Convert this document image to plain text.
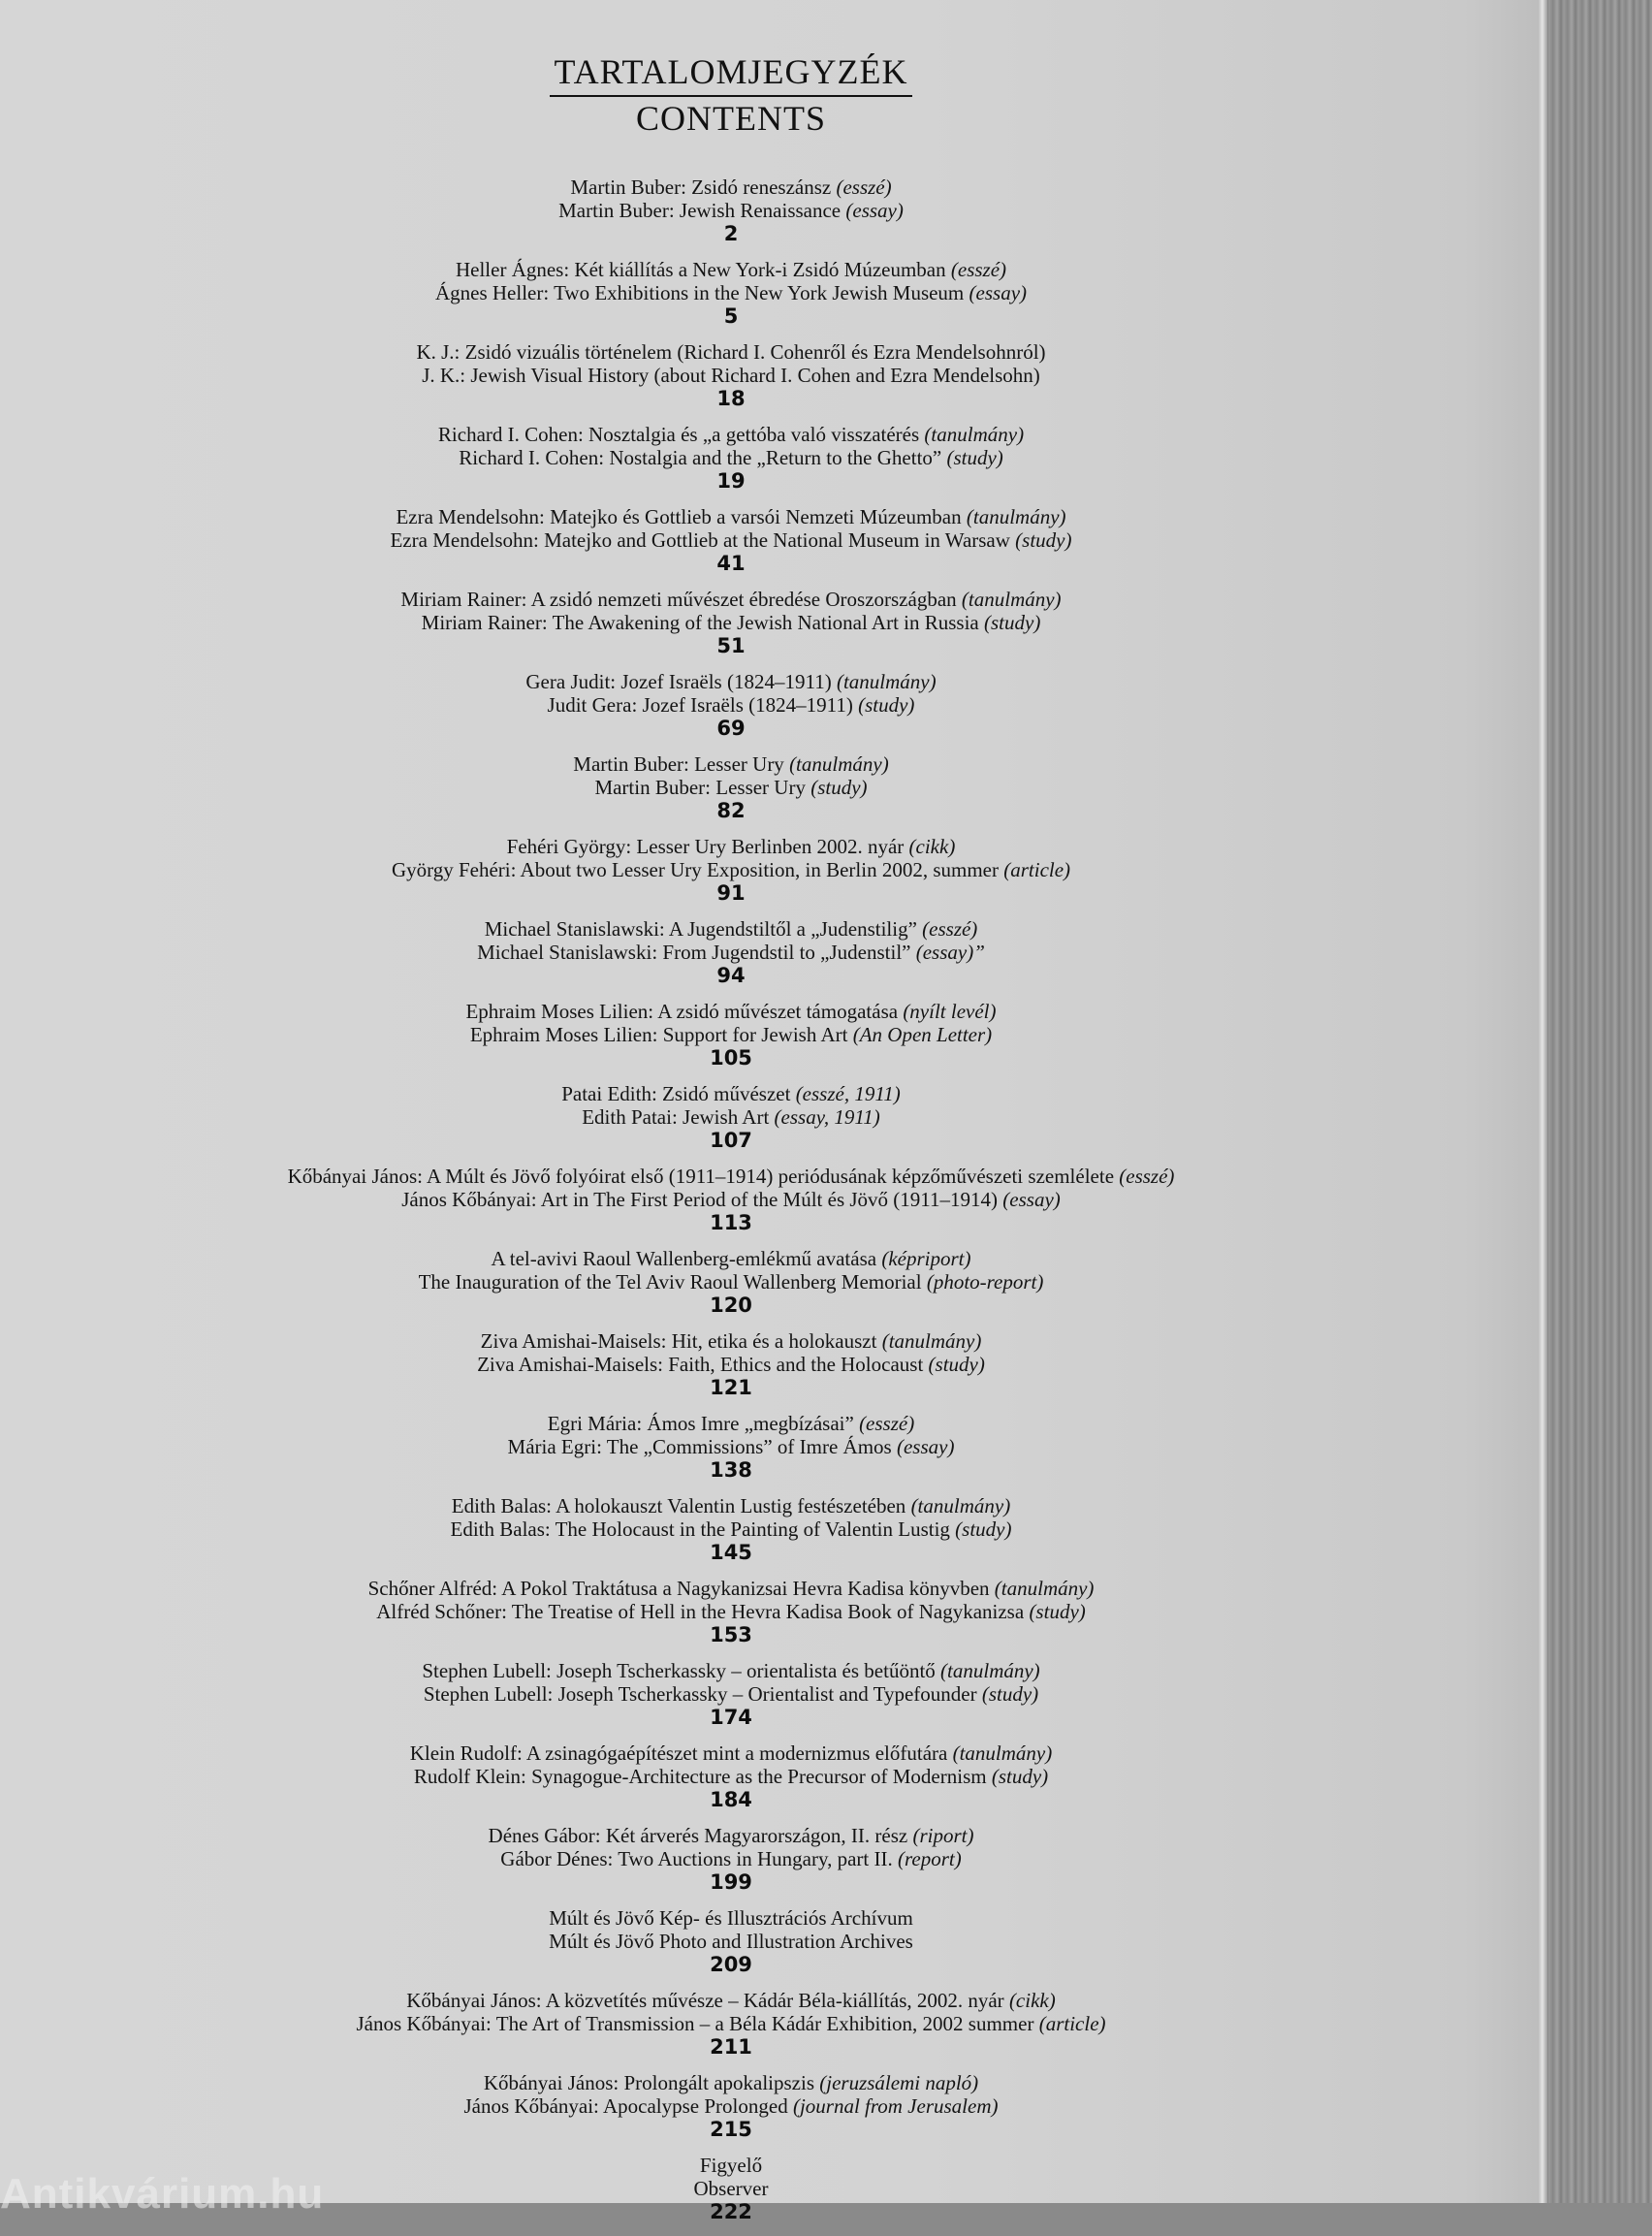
TARTALOMJEGYZÉK
CONTENTS
Martin Buber: Zsidó reneszánsz (esszé)
Martin Buber: Jewish Renaissance (essay)
2
Heller Ágnes: Két kiállítás a New York-i Zsidó Múzeumban (esszé)
Ágnes Heller: Two Exhibitions in the New York Jewish Museum (essay)
5
K. J.: Zsidó vizuális történelem (Richard I. Cohenről és Ezra Mendelsohnról)
J. K.: Jewish Visual History (about Richard I. Cohen and Ezra Mendelsohn)
18
Richard I. Cohen: Nosztalgia és „a gettóba való visszatérés (tanulmány)
Richard I. Cohen: Nostalgia and the „Return to the Ghetto” (study)
19
Ezra Mendelsohn: Matejko és Gottlieb a varsói Nemzeti Múzeumban (tanulmány)
Ezra Mendelsohn: Matejko and Gottlieb at the National Museum in Warsaw (study)
41
Miriam Rainer: A zsidó nemzeti művészet ébredése Oroszországban (tanulmány)
Miriam Rainer: The Awakening of the Jewish National Art in Russia (study)
51
Gera Judit: Jozef Israëls (1824–1911) (tanulmány)
Judit Gera: Jozef Israëls (1824–1911) (study)
69
Martin Buber: Lesser Ury (tanulmány)
Martin Buber: Lesser Ury (study)
82
Fehéri György: Lesser Ury Berlinben 2002. nyár (cikk)
György Fehéri: About two Lesser Ury Exposition, in Berlin 2002, summer (article)
91
Michael Stanislawski: A Jugendstiltől a „Judenstilig” (esszé)
Michael Stanislawski: From Jugendstil to „Judenstil” (essay)”
94
Ephraim Moses Lilien: A zsidó művészet támogatása (nyílt levél)
Ephraim Moses Lilien: Support for Jewish Art (An Open Letter)
105
Patai Edith: Zsidó művészet (esszé, 1911)
Edith Patai: Jewish Art (essay, 1911)
107
Kőbányai János: A Múlt és Jövő folyóirat első (1911–1914) periódusának képzőművészeti szemlélete (esszé)
János Kőbányai: Art in The First Period of the Múlt és Jövő (1911–1914) (essay)
113
A tel-avivi Raoul Wallenberg-emlékmű avatása (képriport)
The Inauguration of the Tel Aviv Raoul Wallenberg Memorial (photo-report)
120
Ziva Amishai-Maisels: Hit, etika és a holokauszt (tanulmány)
Ziva Amishai-Maisels: Faith, Ethics and the Holocaust (study)
121
Egri Mária: Ámos Imre „megbízásai” (esszé)
Mária Egri: The „Commissions” of Imre Ámos (essay)
138
Edith Balas: A holokauszt Valentin Lustig festészetében (tanulmány)
Edith Balas: The Holocaust in the Painting of Valentin Lustig (study)
145
Schőner Alfréd: A Pokol Traktátusa a Nagykanizsai Hevra Kadisa könyvben (tanulmány)
Alfréd Schőner: The Treatise of Hell in the Hevra Kadisa Book of Nagykanizsa (study)
153
Stephen Lubell: Joseph Tscherkassky – orientalista és betűöntő (tanulmány)
Stephen Lubell: Joseph Tscherkassky – Orientalist and Typefounder (study)
174
Klein Rudolf: A zsinagógaépítészet mint a modernizmus előfutára (tanulmány)
Rudolf Klein: Synagogue-Architecture as the Precursor of Modernism (study)
184
Dénes Gábor: Két árverés Magyarországon, II. rész (riport)
Gábor Dénes: Two Auctions in Hungary, part II. (report)
199
Múlt és Jövő Kép- és Illusztrációs Archívum
Múlt és Jövő Photo and Illustration Archives
209
Kőbányai János: A közvetítés művésze – Kádár Béla-kiállítás, 2002. nyár (cikk)
János Kőbányai: The Art of Transmission – a Béla Kádár Exhibition, 2002 summer (article)
211
Kőbányai János: Prolongált apokalipszis (jeruzsálemi napló)
János Kőbányai: Apocalypse Prolonged (journal from Jerusalem)
215
Figyelő
Observer
222
Antikvárium.hu
